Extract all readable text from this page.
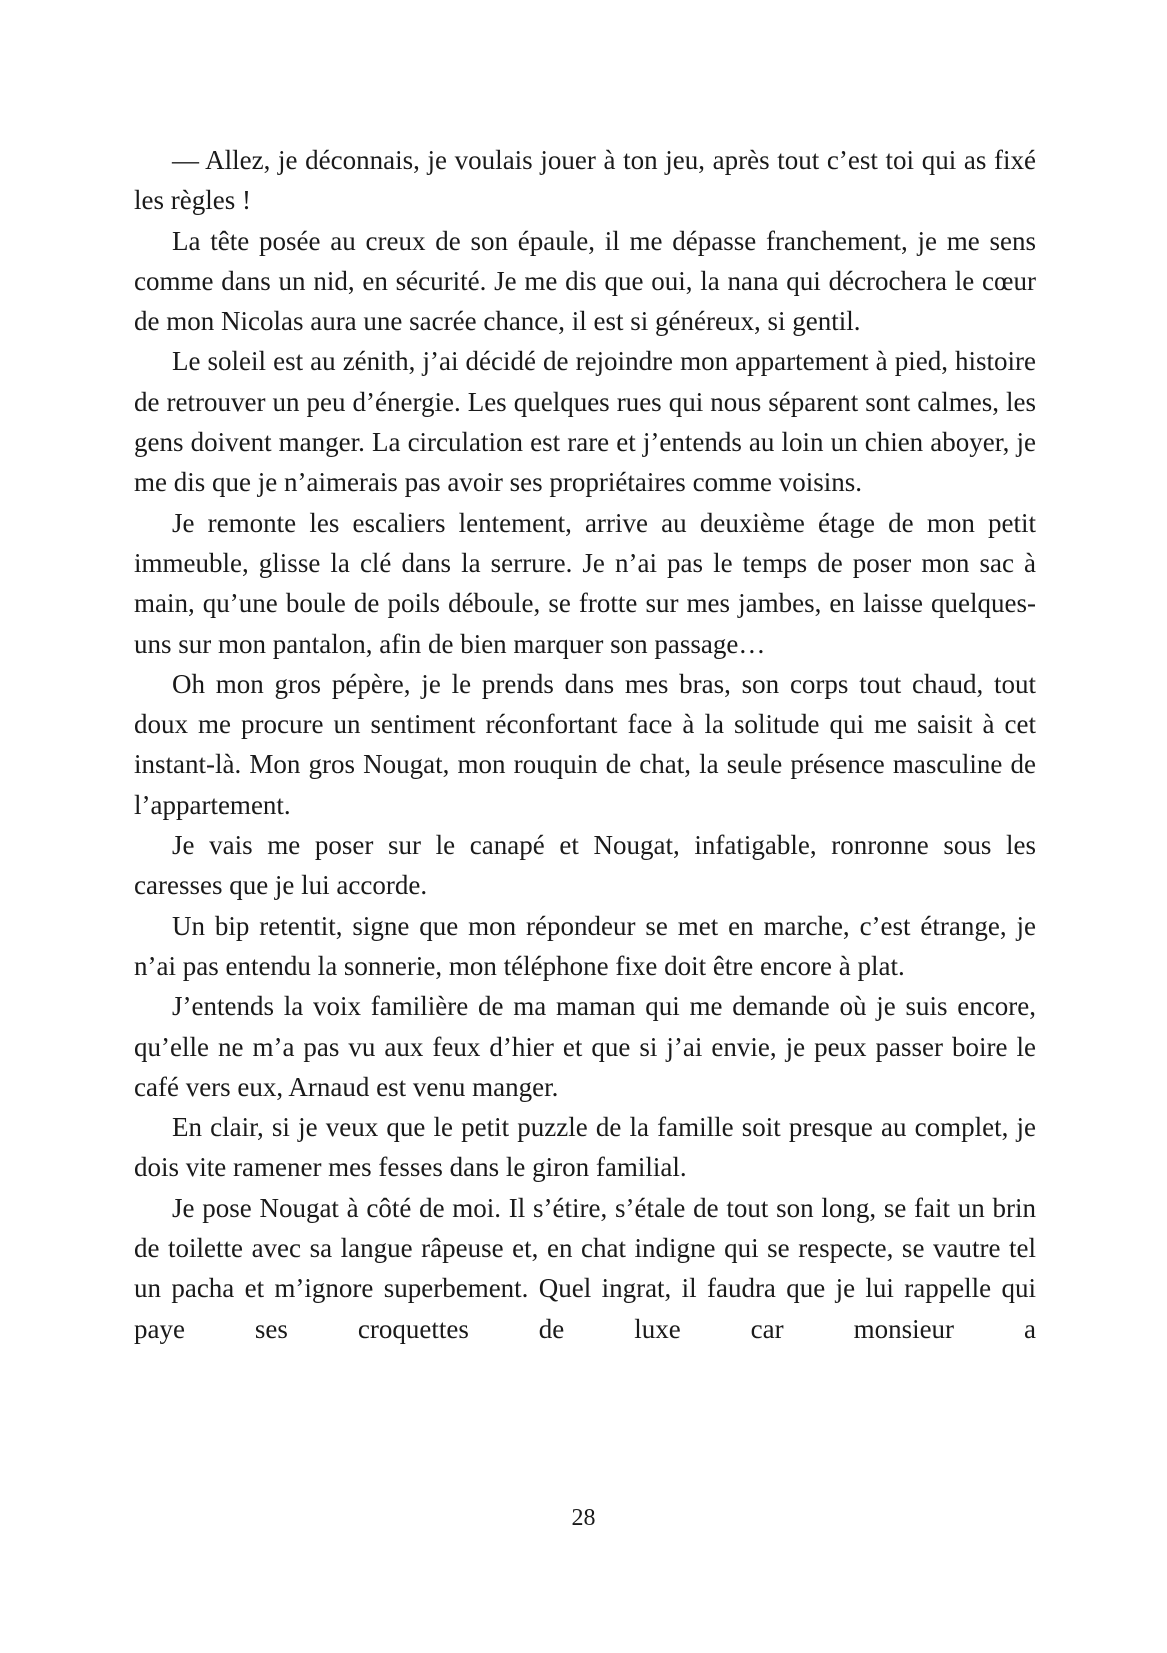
— Allez, je déconnais, je voulais jouer à ton jeu, après tout c’est toi qui as fixé les règles !

La tête posée au creux de son épaule, il me dépasse franchement, je me sens comme dans un nid, en sécurité. Je me dis que oui, la nana qui décrochera le cœur de mon Nicolas aura une sacrée chance, il est si généreux, si gentil.

Le soleil est au zénith, j’ai décidé de rejoindre mon appartement à pied, histoire de retrouver un peu d’énergie. Les quelques rues qui nous séparent sont calmes, les gens doivent manger. La circulation est rare et j’entends au loin un chien aboyer, je me dis que je n’aimerais pas avoir ses propriétaires comme voisins.

Je remonte les escaliers lentement, arrive au deuxième étage de mon petit immeuble, glisse la clé dans la serrure. Je n’ai pas le temps de poser mon sac à main, qu’une boule de poils déboule, se frotte sur mes jambes, en laisse quelques-uns sur mon pantalon, afin de bien marquer son passage…

Oh mon gros pépère, je le prends dans mes bras, son corps tout chaud, tout doux me procure un sentiment réconfortant face à la solitude qui me saisit à cet instant-là. Mon gros Nougat, mon rouquin de chat, la seule présence masculine de l’appartement.

Je vais me poser sur le canapé et Nougat, infatigable, ronronne sous les caresses que je lui accorde.

Un bip retentit, signe que mon répondeur se met en marche, c’est étrange, je n’ai pas entendu la sonnerie, mon téléphone fixe doit être encore à plat.

J’entends la voix familière de ma maman qui me demande où je suis encore, qu’elle ne m’a pas vu aux feux d’hier et que si j’ai envie, je peux passer boire le café vers eux, Arnaud est venu manger.

En clair, si je veux que le petit puzzle de la famille soit presque au complet, je dois vite ramener mes fesses dans le giron familial.

Je pose Nougat à côté de moi. Il s’étire, s’étale de tout son long, se fait un brin de toilette avec sa langue râpeuse et, en chat indigne qui se respecte, se vautre tel un pacha et m’ignore superbement. Quel ingrat, il faudra que je lui rappelle qui paye ses croquettes de luxe car monsieur a

28
